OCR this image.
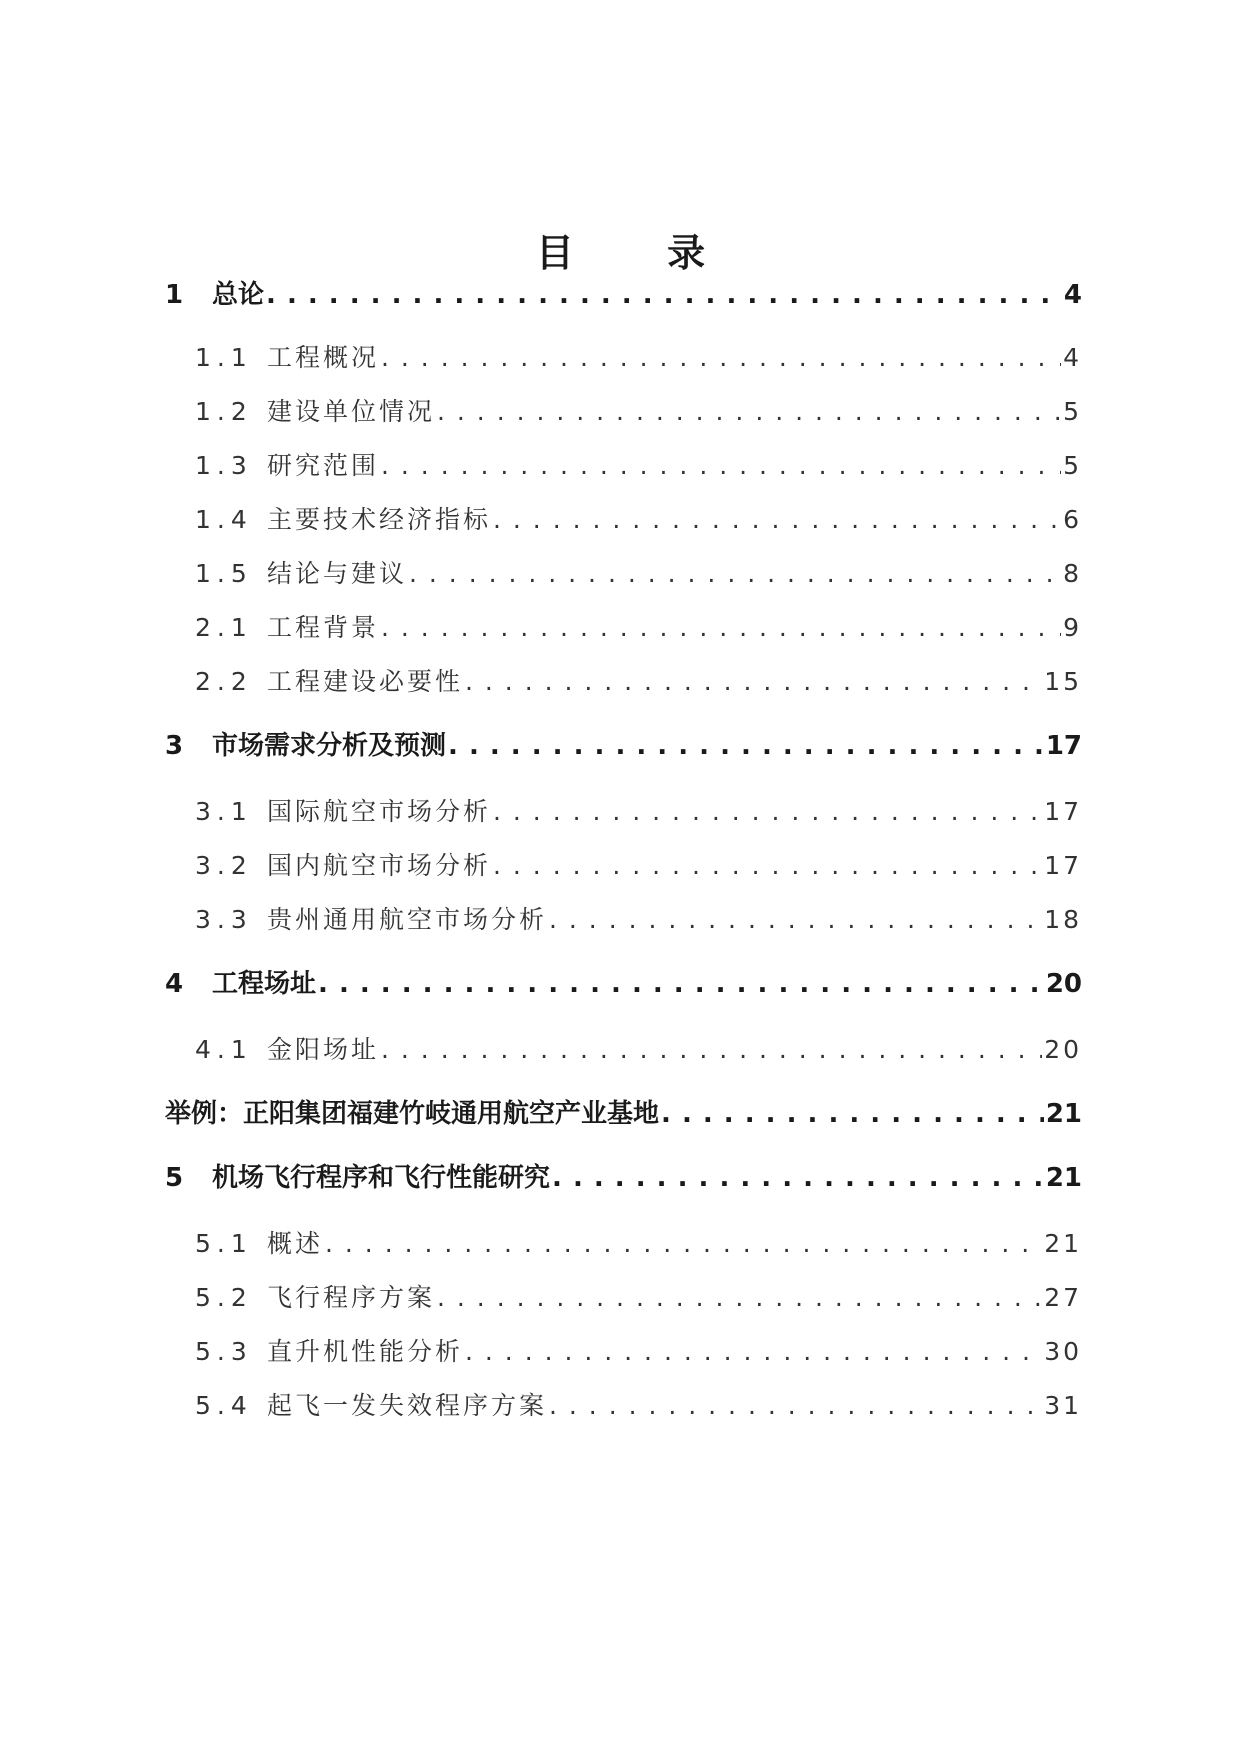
目 录
1	总论 . . .	4
1.1 工程概况 . . .	4
1.2 建设单位情况 . . .	5
1.3 研究范围 . . .	5
1.4 主要技术经济指标 . . .	6
1.5 结论与建议 . . .	8
2.1 工程背景 . . .	9
2.2 工程建设必要性 . . .	15
3	市场需求分析及预测 . . .	17
3.1 国际航空市场分析 . . .	17
3.2 国内航空市场分析 . . .	17
3.3 贵州通用航空市场分析 . . .	18
4	工程场址 . . .	20
4.1 金阳场址 . . .	20
举例：正阳集团福建竹岐通用航空产业基地 . . .	21
5	机场飞行程序和飞行性能研究 . . .	21
5.1 概述 . . .	21
5.2 飞行程序方案 . . .	27
5.3 直升机性能分析 . . .	30
5.4 起飞一发失效程序方案 . . .	31
